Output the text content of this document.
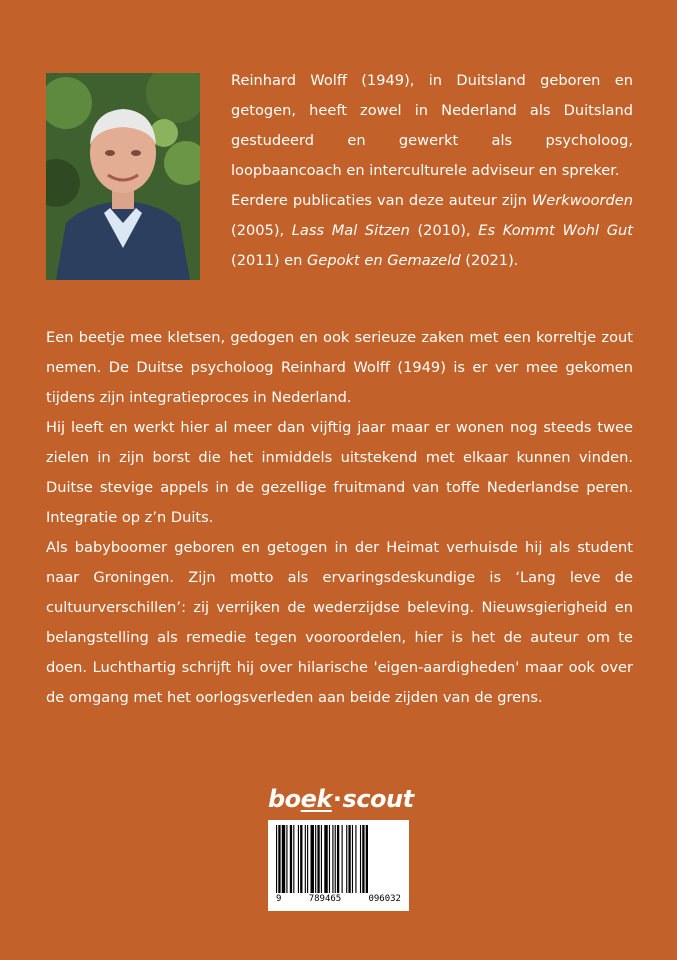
Reinhard Wolff (1949), in Duitsland geboren en getogen, heeft zowel in Nederland als Duitsland gestudeerd en gewerkt als psycholoog, loopbaancoach en interculturele adviseur en spreker.

Eerdere publicaties van deze auteur zijn Werkwoorden (2005), Lass Mal Sitzen (2010), Es Kommt Wohl Gut (2011) en Gepokt en Gemazeld (2021).

Een beetje mee kletsen, gedogen en ook serieuze zaken met een korreltje zout nemen. De Duitse psycholoog Reinhard Wolff (1949) is er ver mee gekomen tijdens zijn integratieproces in Nederland.

Hij leeft en werkt hier al meer dan vijftig jaar maar er wonen nog steeds twee zielen in zijn borst die het inmiddels uitstekend met elkaar kunnen vinden. Duitse stevige appels in de gezellige fruitmand van toffe Nederlandse peren. Integratie op z’n Duits.

Als babyboomer geboren en getogen in der Heimat verhuisde hij als student naar Groningen. Zijn motto als ervaringsdeskundige is ‘Lang leve de cultuurverschillen’: zij verrijken de wederzijdse beleving. Nieuwsgierigheid en belangstelling als remedie tegen vooroordelen, hier is het de auteur om te doen. Luchthartig schrijft hij over hilarische 'eigen-aardigheden' maar ook over de omgang met het oorlogsverleden aan beide zijden van de grens.

boek·scout
9	789465	096032
